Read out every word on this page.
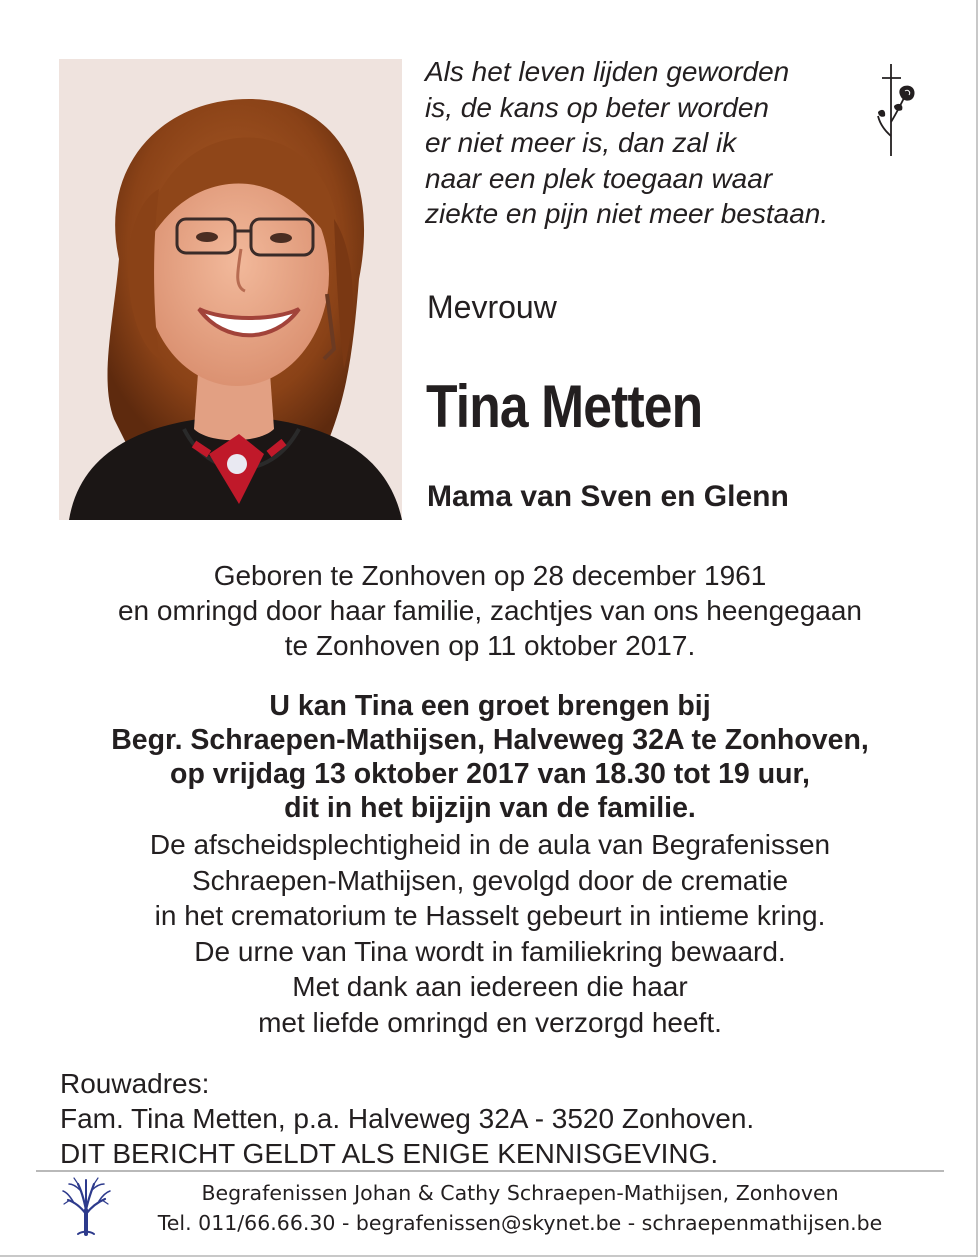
Als het leven lijden geworden
is, de kans op beter worden
er niet meer is, dan zal ik
naar een plek toegaan waar
ziekte en pijn niet meer bestaan.
Mevrouw
Tina Metten
Mama van Sven en Glenn
Geboren te Zonhoven op 28 december 1961
en omringd door haar familie, zachtjes van ons heengegaan
te Zonhoven op 11 oktober 2017.
U kan Tina een groet brengen bij
Begr. Schraepen-Mathijsen, Halveweg 32A te Zonhoven,
op vrijdag 13 oktober 2017 van 18.30 tot 19 uur,
dit in het bijzijn van de familie.
De afscheidsplechtigheid in de aula van Begrafenissen
Schraepen-Mathijsen, gevolgd door de crematie
in het crematorium te Hasselt gebeurt in intieme kring.
De urne van Tina wordt in familiekring bewaard.
Met dank aan iedereen die haar
met liefde omringd en verzorgd heeft.
Rouwadres:
Fam. Tina Metten, p.a. Halveweg 32A - 3520 Zonhoven.
DIT BERICHT GELDT ALS ENIGE KENNISGEVING.
Begrafenissen Johan & Cathy Schraepen-Mathijsen, Zonhoven
Tel. 011/66.66.30 - begrafenissen@skynet.be - schraepenmathijsen.be
